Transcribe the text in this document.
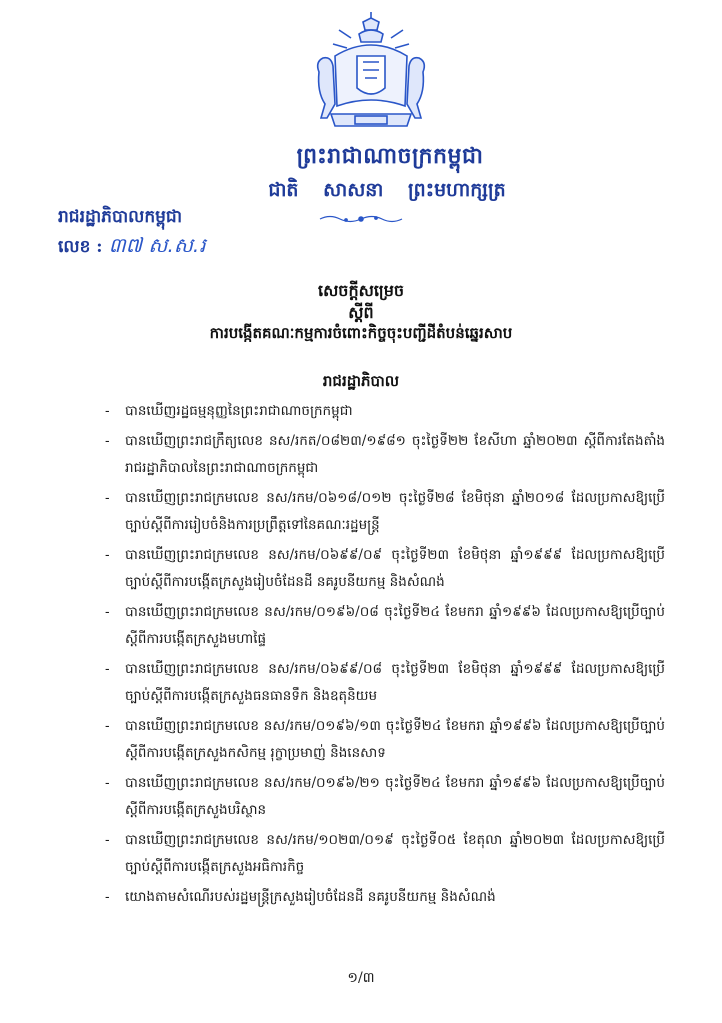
ព្រះរាជាណាចក្រកម្ពុជា
ជាតិ សាសនា ព្រះមហាក្សត្រ
រាជរដ្ឋាភិបាលកម្ពុជា
លេខ : ៣៧ ស.ស.រ
សេចក្តីសម្រេច
ស្តីពី
ការបង្កើតគណៈកម្មការចំពោះកិច្ចចុះបញ្ជីដីតំបន់ឆ្នេរសាប
រាជរដ្ឋាភិបាល
- បានឃើញរដ្ឋធម្មនុញ្ញនៃព្រះរាជាណាចក្រកម្ពុជា
- បានឃើញព្រះរាជក្រឹត្យលេខ នស/រកត/០៨២៣/១៩៨១ ចុះថ្ងៃទី២២ ខែសីហា ឆ្នាំ២០២៣ ស្តីពីការតែងតាំងរាជរដ្ឋាភិបាលនៃព្រះរាជាណាចក្រកម្ពុជា
- បានឃើញព្រះរាជក្រមលេខ នស/រកម/០៦១៨/០១២ ចុះថ្ងៃទី២៨ ខែមិថុនា ឆ្នាំ២០១៨ ដែលប្រកាសឱ្យប្រើច្បាប់ស្តីពីការរៀបចំនិងការប្រព្រឹត្តទៅនៃគណៈរដ្ឋមន្ត្រី
- បានឃើញព្រះរាជក្រមលេខ នស/រកម/០៦៩៩/០៩ ចុះថ្ងៃទី២៣ ខែមិថុនា ឆ្នាំ១៩៩៩ ដែលប្រកាសឱ្យប្រើច្បាប់ស្តីពីការបង្កើតក្រសួងរៀបចំដែនដី នគរូបនីយកម្ម និងសំណង់
- បានឃើញព្រះរាជក្រមលេខ នស/រកម/០១៩៦/០៨ ចុះថ្ងៃទី២៤ ខែមករា ឆ្នាំ១៩៩៦ ដែលប្រកាសឱ្យប្រើច្បាប់ស្តីពីការបង្កើតក្រសួងមហាផ្ទៃ
- បានឃើញព្រះរាជក្រមលេខ នស/រកម/០៦៩៩/០៨ ចុះថ្ងៃទី២៣ ខែមិថុនា ឆ្នាំ១៩៩៩ ដែលប្រកាសឱ្យប្រើច្បាប់ស្តីពីការបង្កើតក្រសួងធនធានទឹក និងឧតុនិយម
- បានឃើញព្រះរាជក្រមលេខ នស/រកម/០១៩៦/១៣ ចុះថ្ងៃទី២៤ ខែមករា ឆ្នាំ១៩៩៦ ដែលប្រកាសឱ្យប្រើច្បាប់ស្តីពីការបង្កើតក្រសួងកសិកម្ម រុក្ខាប្រមាញ់ និងនេសាទ
- បានឃើញព្រះរាជក្រមលេខ នស/រកម/០១៩៦/២១ ចុះថ្ងៃទី២៤ ខែមករា ឆ្នាំ១៩៩៦ ដែលប្រកាសឱ្យប្រើច្បាប់ស្តីពីការបង្កើតក្រសួងបរិស្ថាន
- បានឃើញព្រះរាជក្រមលេខ នស/រកម/១០២៣/០១៩ ចុះថ្ងៃទី០៥ ខែតុលា ឆ្នាំ២០២៣ ដែលប្រកាសឱ្យប្រើច្បាប់ស្តីពីការបង្កើតក្រសួងអធិការកិច្ច
- យោងតាមសំណើរបស់រដ្ឋមន្ត្រីក្រសួងរៀបចំដែនដី នគរូបនីយកម្ម និងសំណង់
១/៣
